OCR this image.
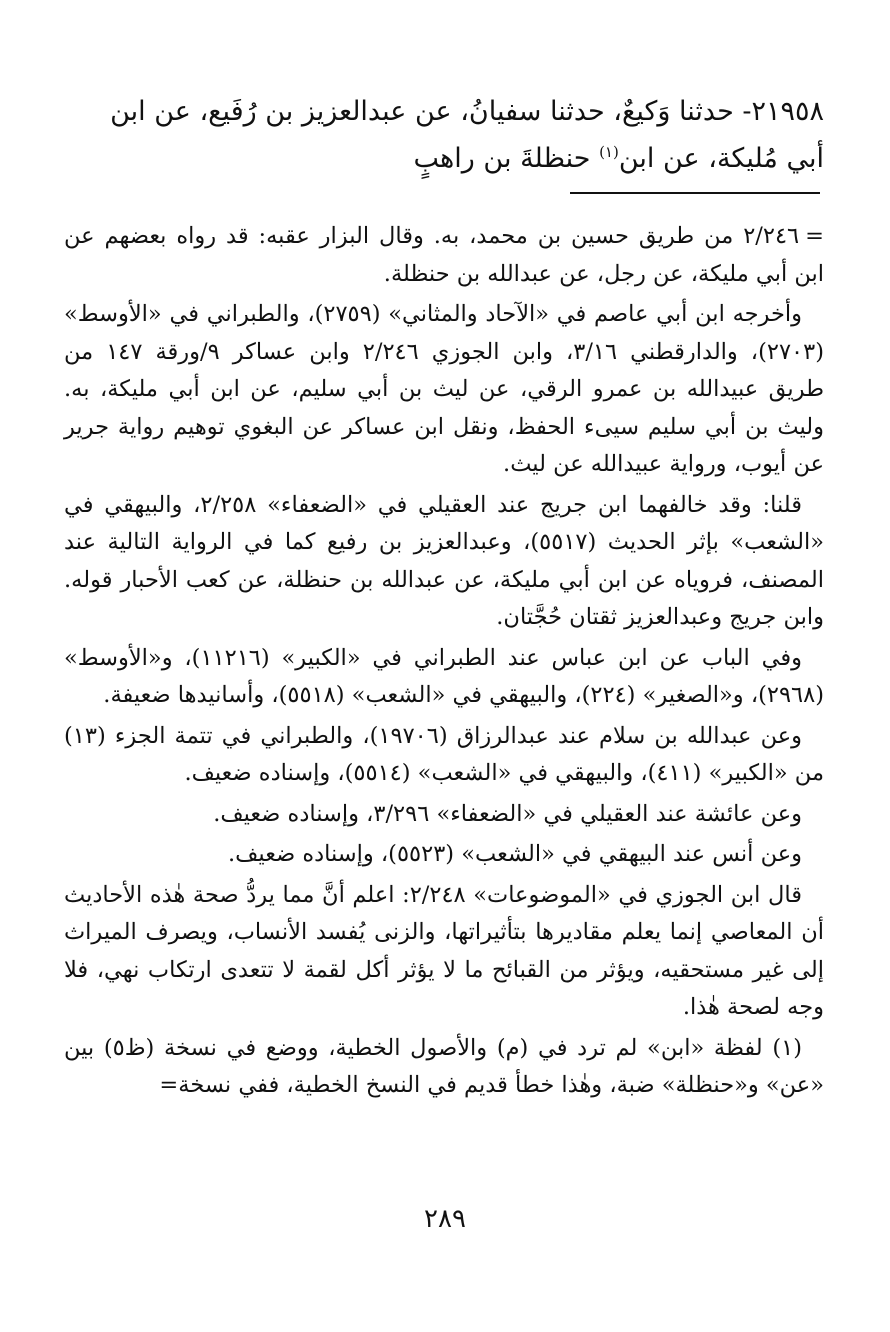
٢١٩٥٨- حدثنا وَكيعٌ، حدثنا سفيانُ، عن عبدالعزيز بن رُفَيع، عن ابن

أبي مُليكة، عن ابن$^{(١)}$ حنظلةَ بن راهبٍ

=٢/٢٤٦ من طريق حسين بن محمد، به. وقال البزار عقبه: قد رواه بعضهم عن ابن أبي مليكة، عن رجل، عن عبدالله بن حنظلة.

وأخرجه ابن أبي عاصم في «الآحاد والمثاني» (٢٧٥٩)، والطبراني في «الأوسط» (٢٧٠٣)، والدارقطني ٣/١٦، وابن الجوزي ٢/٢٤٦ وابن عساكر ٩/ورقة ١٤٧ من طريق عبيدالله بن عمرو الرقي، عن ليث بن أبي سليم، عن ابن أبي مليكة، به. وليث بن أبي سليم سيىء الحفظ، ونقل ابن عساكر عن البغوي توهيم رواية جرير عن أيوب، ورواية عبيدالله عن ليث.

قلنا: وقد خالفهما ابن جريج عند العقيلي في «الضعفاء» ٢/٢٥٨، والبيهقي في «الشعب» بإثر الحديث (٥٥١٧)، وعبدالعزيز بن رفيع كما في الرواية التالية عند المصنف، فروياه عن ابن أبي مليكة، عن عبدالله بن حنظلة، عن كعب الأحبار قوله. وابن جريج وعبدالعزيز ثقتان حُجَّتان.

وفي الباب عن ابن عباس عند الطبراني في «الكبير» (١١٢١٦)، و«الأوسط» (٢٩٦٨)، و«الصغير» (٢٢٤)، والبيهقي في «الشعب» (٥٥١٨)، وأسانيدها ضعيفة.

وعن عبدالله بن سلام عند عبدالرزاق (١٩٧٠٦)، والطبراني في تتمة الجزء (١٣) من «الكبير» (٤١١)، والبيهقي في «الشعب» (٥٥١٤)، وإسناده ضعيف.

وعن عائشة عند العقيلي في «الضعفاء» ٣/٢٩٦، وإسناده ضعيف.

وعن أنس عند البيهقي في «الشعب» (٥٥٢٣)، وإسناده ضعيف.

قال ابن الجوزي في «الموضوعات» ٢/٢٤٨: اعلم أنَّ مما يردُّ صحة هٰذه الأحاديث أن المعاصي إنما يعلم مقاديرها بتأثيراتها، والزنى يُفسد الأنساب، ويصرف الميراث إلى غير مستحقيه، ويؤثر من القبائح ما لا يؤثر أكل لقمة لا تتعدى ارتكاب نهي، فلا وجه لصحة هٰذا.

(١) لفظة «ابن» لم ترد في (م) والأصول الخطية، ووضع في نسخة (ظ٥) بين «عن» و«حنظلة» ضبة، وهٰذا خطأ قديم في النسخ الخطية، ففي نسخة=

٢٨٩
